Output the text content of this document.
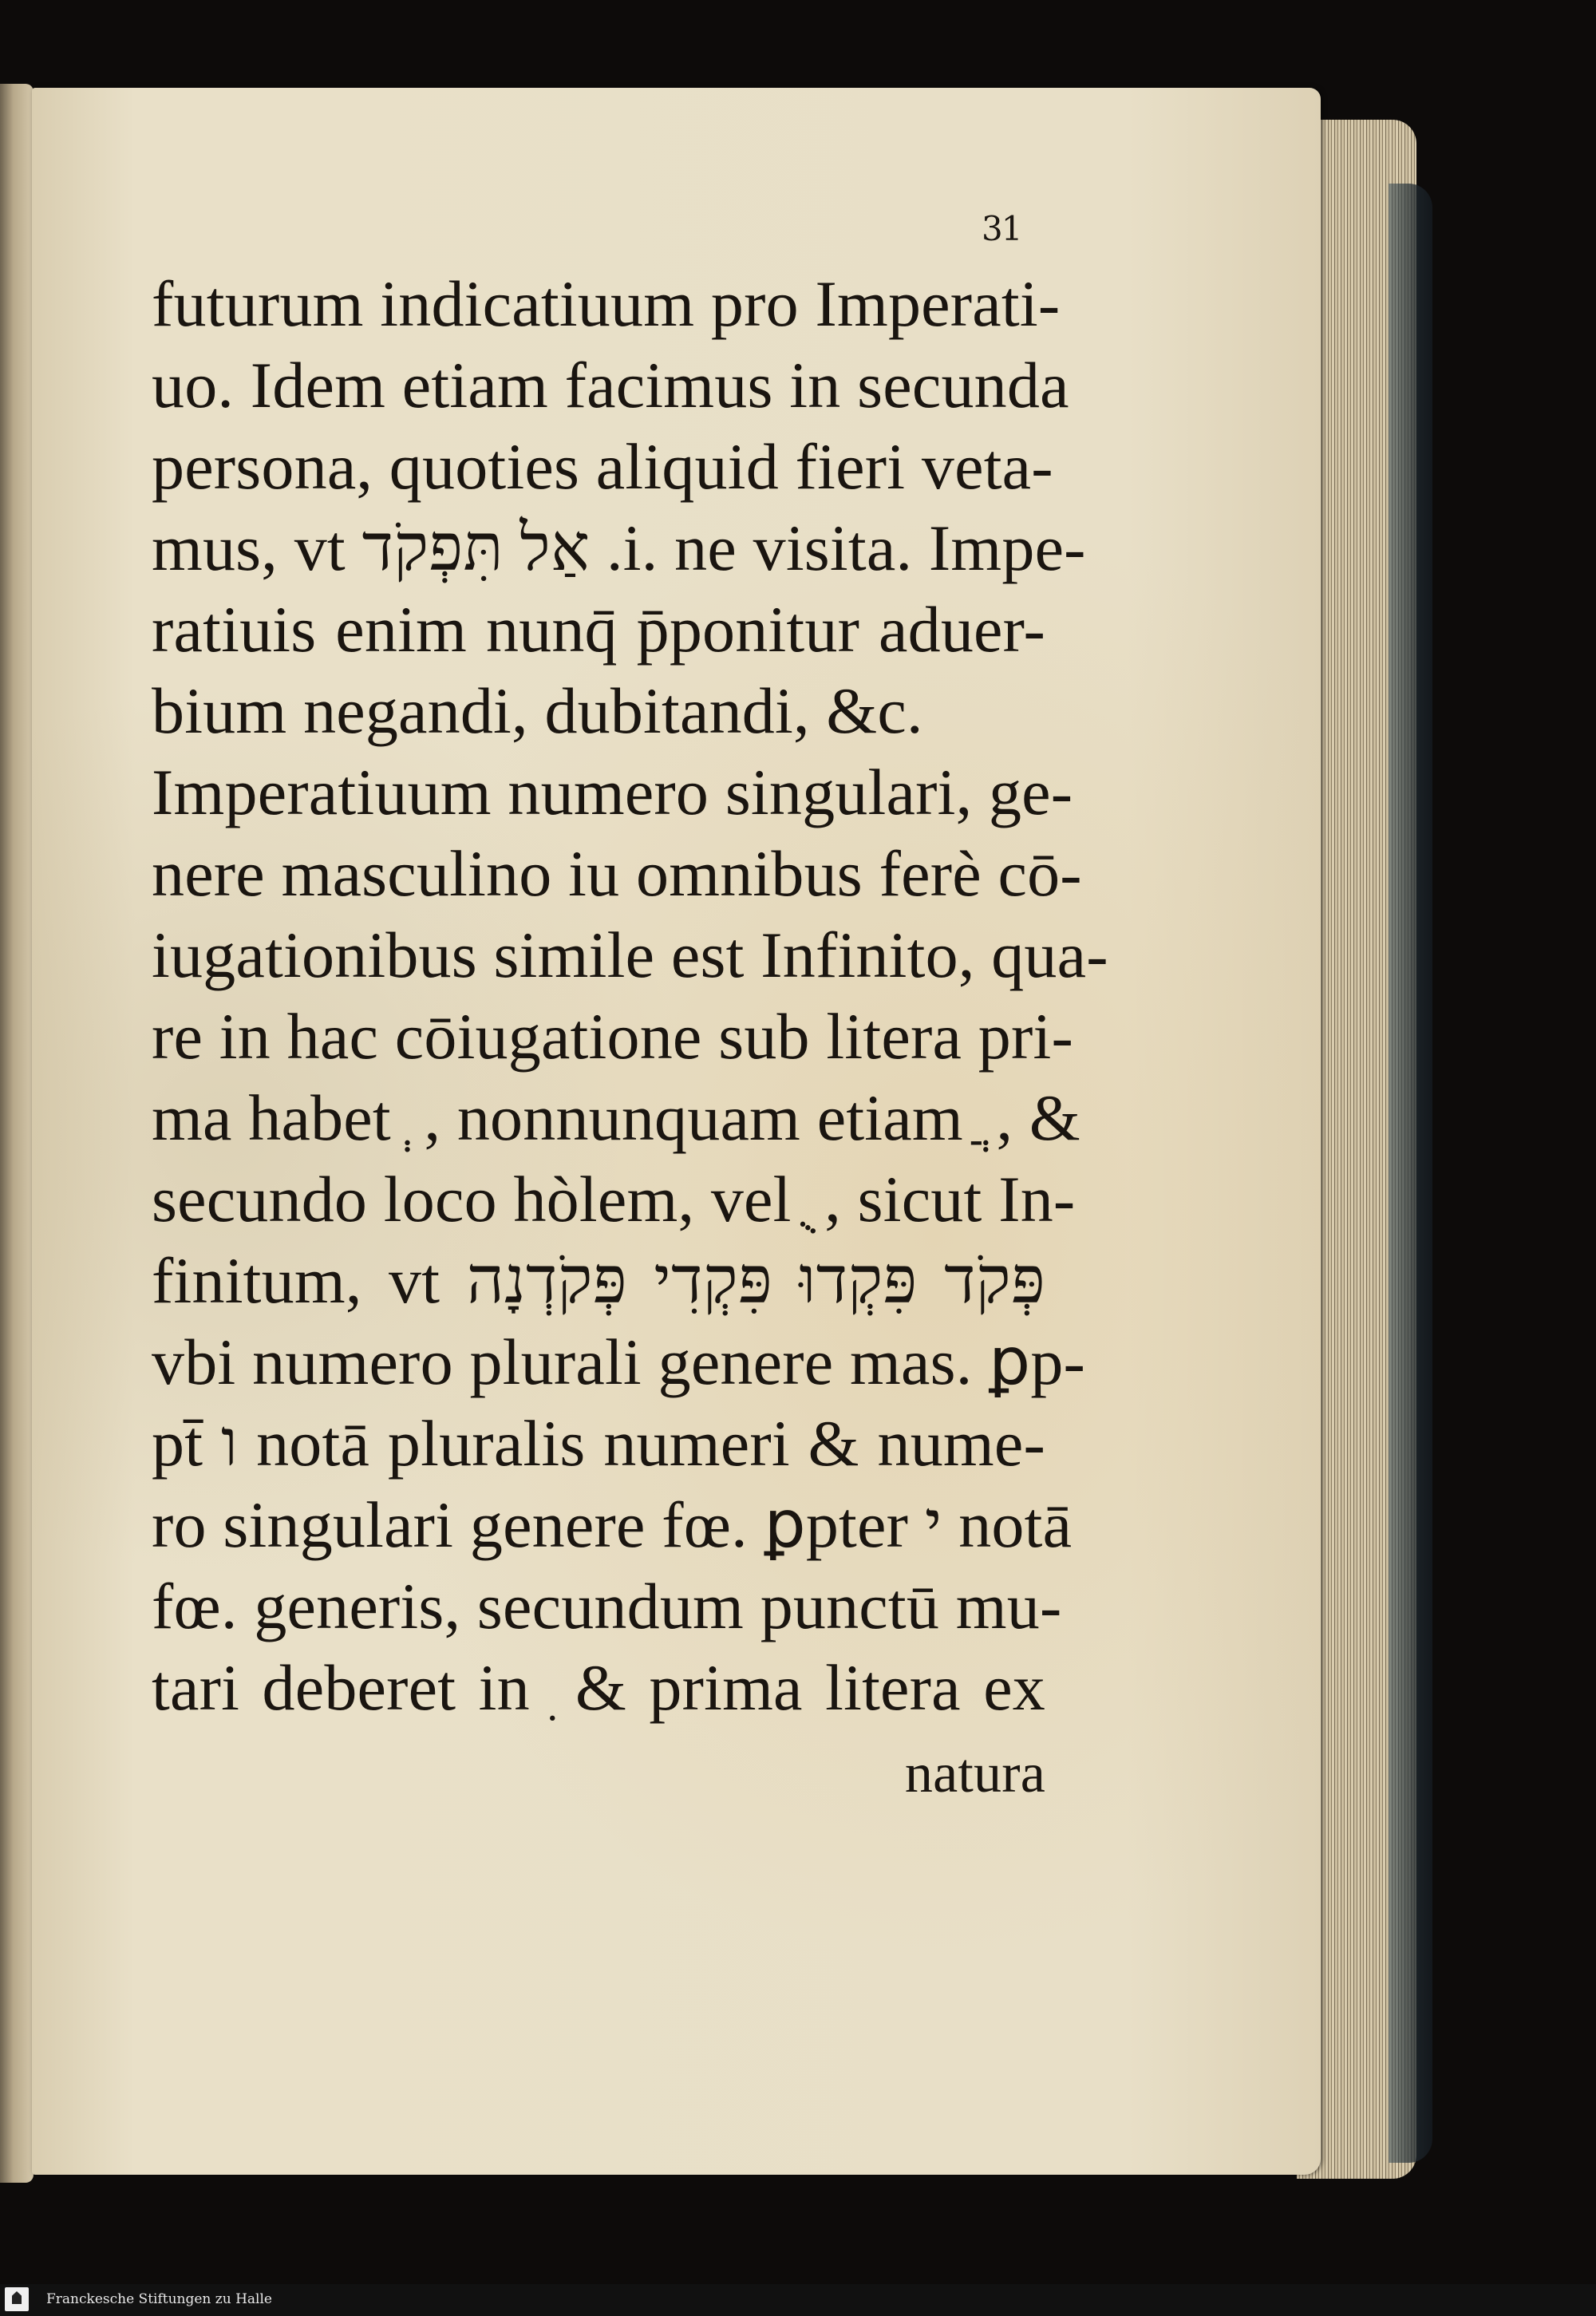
31
futurum indicatiuum pro Imperati-
uo. Idem etiam facimus in secunda
persona, quoties aliquid fieri veta-
mus, vt אַל תִּפְקֹד .i. ne visita. Impe-
ratiuis enim nunq̄ p̄ponitur aduer-
bium negandi, dubitandi, &c.
Imperatiuum numero singulari, ge-
nere masculino iu omnibus ferè cō-
iugationibus simile est Infinito, qua-
re in hac cōiugatione sub litera pri-
ma habet ְ , nonnunquam etiam ֲ , &
secundo loco hòlem, vel ֻ , sicut In-
finitum, vt פְּקֹד פִּקְדוּ פִּקְדִי פְּקֹדְנָה
vbi numero plurali genere mas. ꝑp-
pt̄ ו notā pluralis numeri & nume-
ro singulari genere fœ. ꝑpter י notā
fœ. generis, secundum punctū mu-
tari deberet in ִ & prima litera ex
natura
Franckesche Stiftungen zu Halle
